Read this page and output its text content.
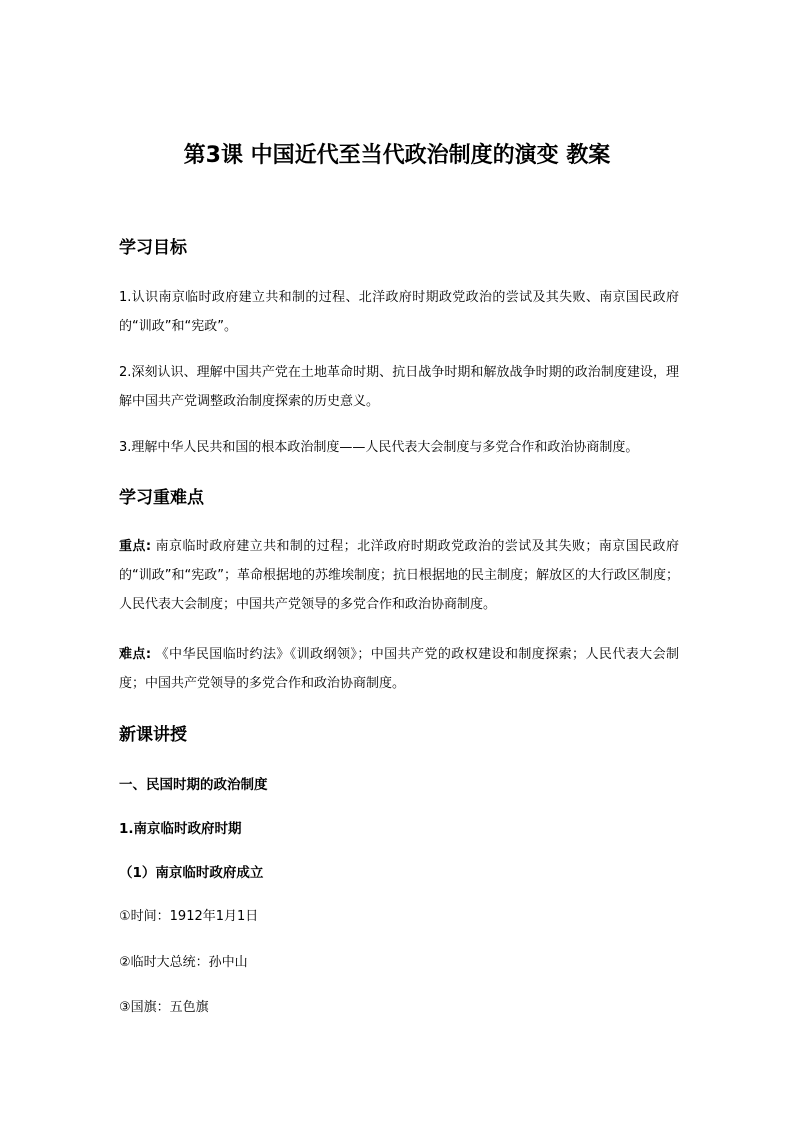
第3课 中国近代至当代政治制度的演变 教案
学习目标
1.认识南京临时政府建立共和制的过程、北洋政府时期政党政治的尝试及其失败、南京国民政府的“训政”和“宪政”。
2.深刻认识、理解中国共产党在土地革命时期、抗日战争时期和解放战争时期的政治制度建设，理解中国共产党调整政治制度探索的历史意义。
3.理解中华人民共和国的根本政治制度——人民代表大会制度与多党合作和政治协商制度。
学习重难点
重点: 南京临时政府建立共和制的过程；北洋政府时期政党政治的尝试及其失败；南京国民政府的“训政”和“宪政”；革命根据地的苏维埃制度；抗日根据地的民主制度；解放区的大行政区制度；人民代表大会制度；中国共产党领导的多党合作和政治协商制度。
难点: 《中华民国临时约法》《训政纲领》；中国共产党的政权建设和制度探索；人民代表大会制度；中国共产党领导的多党合作和政治协商制度。
新课讲授
一、民国时期的政治制度
1.南京临时政府时期
（1）南京临时政府成立
①时间：1912年1月1日
②临时大总统：孙中山
③国旗：五色旗
